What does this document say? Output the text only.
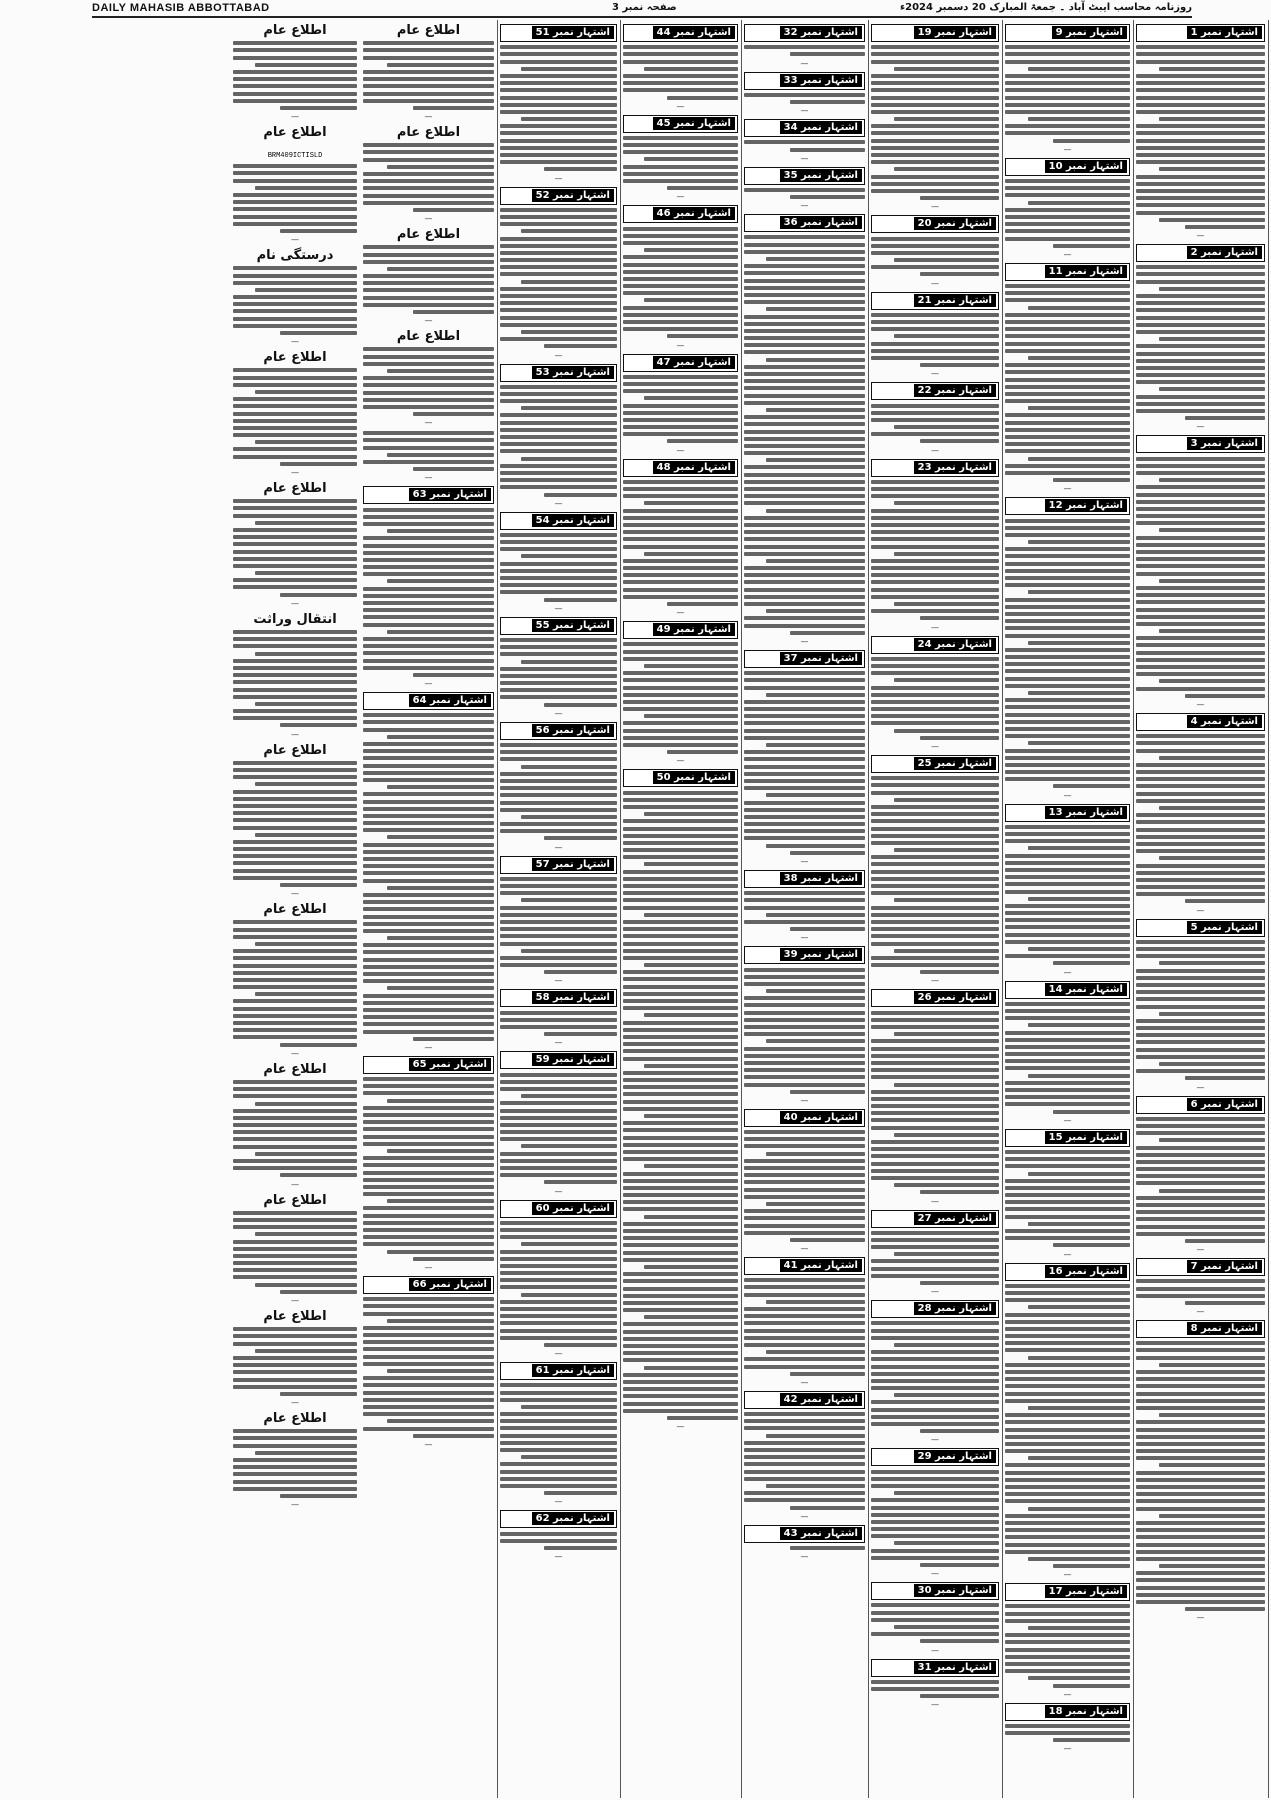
DAILY MAHASIB ABBOTTABAD	صفحہ نمبر 3	روزنامہ محاسب ایبٹ آباد ۔ جمعۃ المبارک 20 دسمبر 2024ء
اشتہار نمبر 1
—
اشتہار نمبر 2
—
اشتہار نمبر 3
—
اشتہار نمبر 4
—
اشتہار نمبر 5
—
اشتہار نمبر 6
—
اشتہار نمبر 7
—
اشتہار نمبر 8
—
اشتہار نمبر 9
—
اشتہار نمبر 10
—
اشتہار نمبر 11
—
اشتہار نمبر 12
—
اشتہار نمبر 13
—
اشتہار نمبر 14
—
اشتہار نمبر 15
—
اشتہار نمبر 16
—
اشتہار نمبر 17
—
اشتہار نمبر 18
—
اشتہار نمبر 19
—
اشتہار نمبر 20
—
اشتہار نمبر 21
—
اشتہار نمبر 22
—
اشتہار نمبر 23
—
اشتہار نمبر 24
—
اشتہار نمبر 25
—
اشتہار نمبر 26
—
اشتہار نمبر 27
—
اشتہار نمبر 28
—
اشتہار نمبر 29
—
اشتہار نمبر 30
—
اشتہار نمبر 31
—
اشتہار نمبر 32
—
اشتہار نمبر 33
—
اشتہار نمبر 34
—
اشتہار نمبر 35
—
اشتہار نمبر 36
—
اشتہار نمبر 37
—
اشتہار نمبر 38
—
اشتہار نمبر 39
—
اشتہار نمبر 40
—
اشتہار نمبر 41
—
اشتہار نمبر 42
—
اشتہار نمبر 43
—
اشتہار نمبر 44
—
اشتہار نمبر 45
—
اشتہار نمبر 46
—
اشتہار نمبر 47
—
اشتہار نمبر 48
—
اشتہار نمبر 49
—
اشتہار نمبر 50
—
اشتہار نمبر 51
—
اشتہار نمبر 52
—
اشتہار نمبر 53
—
اشتہار نمبر 54
—
اشتہار نمبر 55
—
اشتہار نمبر 56
—
اشتہار نمبر 57
—
اشتہار نمبر 58
—
اشتہار نمبر 59
—
اشتہار نمبر 60
—
اشتہار نمبر 61
—
اشتہار نمبر 62
—
اطلاع عام
—
اطلاع عام
—
اطلاع عام
—
اطلاع عام
—
—
اشتہار نمبر 63
—
اشتہار نمبر 64
—
اشتہار نمبر 65
—
اشتہار نمبر 66
—
اطلاع عام
—
اطلاع عام
BRM409ICTISLD
—
درستگی نام
—
اطلاع عام
—
اطلاع عام
—
انتقال وراثت
—
اطلاع عام
—
اطلاع عام
—
اطلاع عام
—
اطلاع عام
—
اطلاع عام
—
اطلاع عام
—
